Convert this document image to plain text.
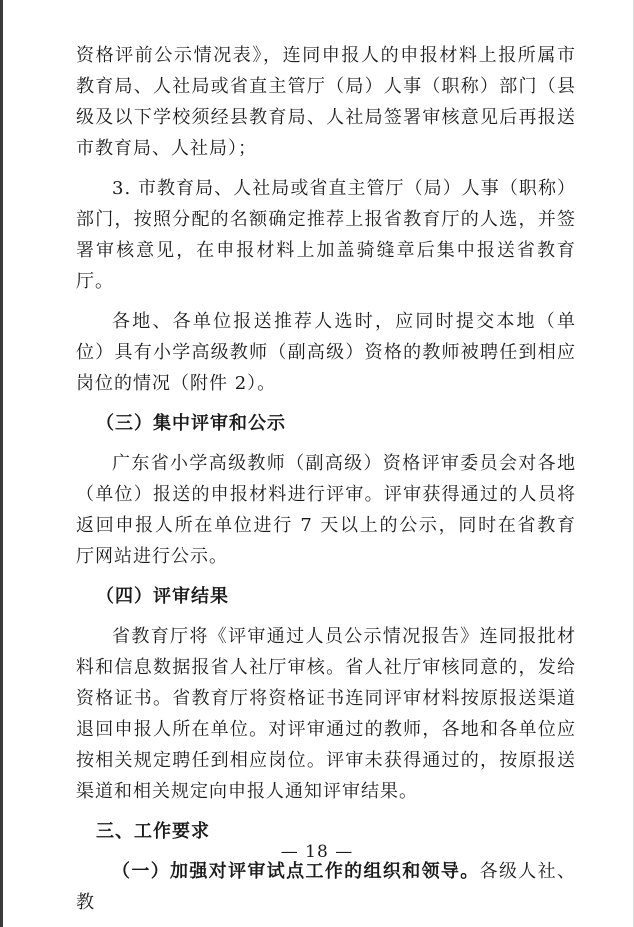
资格评前公示情况表》，连同申报人的申报材料上报所属市教育局、人社局或省直主管厅（局）人事（职称）部门（县级及以下学校须经县教育局、人社局签署审核意见后再报送市教育局、人社局）；

3. 市教育局、人社局或省直主管厅（局）人事（职称）部门，按照分配的名额确定推荐上报省教育厅的人选，并签署审核意见，在申报材料上加盖骑缝章后集中报送省教育厅。

各地、各单位报送推荐人选时，应同时提交本地（单位）具有小学高级教师（副高级）资格的教师被聘任到相应岗位的情况（附件 2）。

（三）集中评审和公示

广东省小学高级教师（副高级）资格评审委员会对各地（单位）报送的申报材料进行评审。评审获得通过的人员将返回申报人所在单位进行 7 天以上的公示，同时在省教育厅网站进行公示。

（四）评审结果

省教育厅将《评审通过人员公示情况报告》连同报批材料和信息数据报省人社厅审核。省人社厅审核同意的，发给资格证书。省教育厅将资格证书连同评审材料按原报送渠道退回申报人所在单位。对评审通过的教师，各地和各单位应按相关规定聘任到相应岗位。评审未获得通过的，按原报送渠道和相关规定向申报人通知评审结果。

三、工作要求

（一）加强对评审试点工作的组织和领导。各级人社、教

— 18 —
